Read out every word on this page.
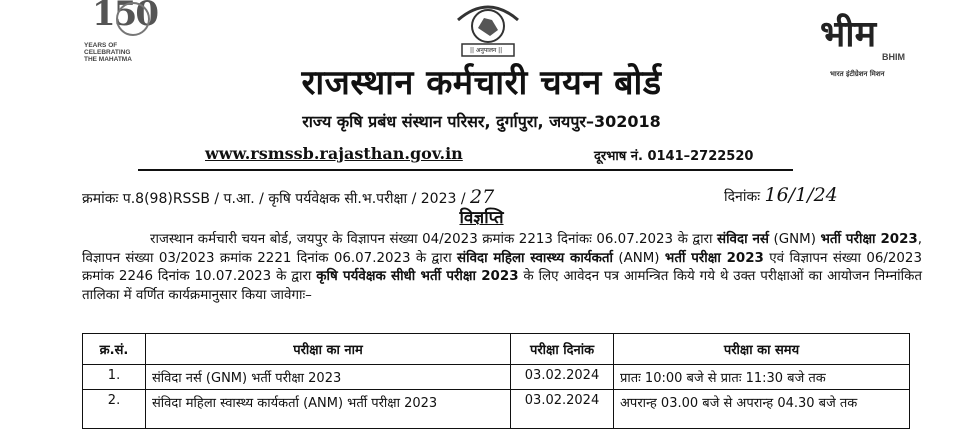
150
YEARS OF
CELEBRATING
THE MAHATMA
|| अनुपालन ||	भीम
BHIM
भारत इंटीग्रेशन मिशन
राजस्थान कर्मचारी चयन बोर्ड
राज्य कृषि प्रबंध संस्थान परिसर, दुर्गापुरा, जयपुर–302018
www.rsmssb.rajasthan.gov.in	दूरभाष नं. 0141–2722520
क्रमांकः प.8(98)RSSB / प.आ. / कृषि पर्यवेक्षक सी.भ.परीक्षा / 2023 / 27	दिनांकः 16/1/24
विज्ञप्ति

राजस्थान कर्मचारी चयन बोर्ड, जयपुर के विज्ञापन संख्या 04/2023 क्रमांक 2213 दिनांकः 06.07.2023 के द्वारा संविदा नर्स (GNM) भर्ती परीक्षा 2023, विज्ञापन संख्या 03/2023 क्रमांक 2221 दिनांक 06.07.2023 के द्वारा संविदा महिला स्वास्थ्य कार्यकर्ता (ANM) भर्ती परीक्षा 2023 एवं विज्ञापन संख्या 06/2023 क्रमांक 2246 दिनांक 10.07.2023 के द्वारा कृषि पर्यवेक्षक सीधी भर्ती परीक्षा 2023 के लिए आवेदन पत्र आमन्त्रित किये गये थे उक्त परीक्षाओं का आयोजन निम्नांकित तालिका में वर्णित कार्यक्रमानुसार किया जावेगाः–

क्र.सं.	परीक्षा का नाम	परीक्षा दिनांक	परीक्षा का समय
1.	संविदा नर्स (GNM) भर्ती परीक्षा 2023	03.02.2024	प्रातः 10:00 बजे से प्रातः 11:30 बजे तक
2.	संविदा महिला स्वास्थ्य कार्यकर्ता (ANM) भर्ती परीक्षा 2023	03.02.2024	अपरान्ह 03.00 बजे से अपरान्ह 04.30 बजे तक
